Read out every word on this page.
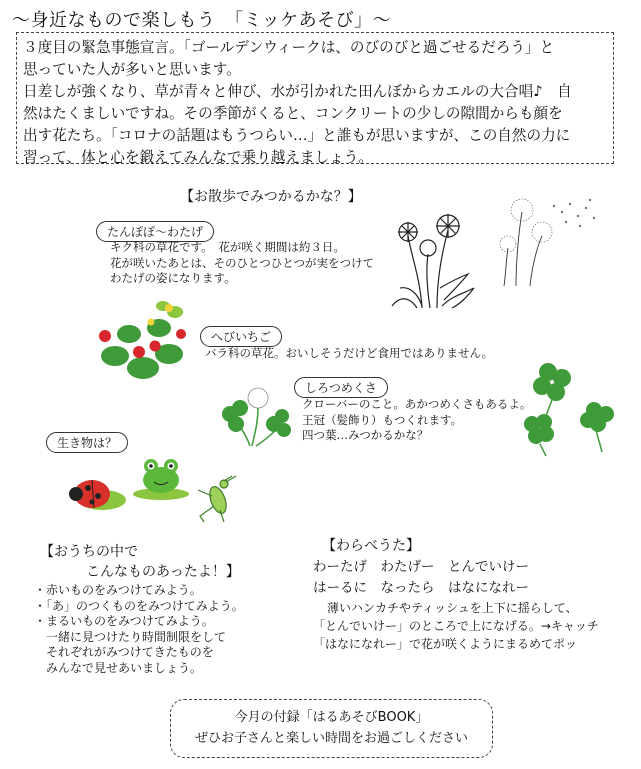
〜身近なもので楽しもう　「ミッケあそび」〜

３度目の緊急事態宣言。「ゴールデンウィークは、のびのびと過ごせるだろう」と

思っていた人が多いと思います。

日差しが強くなり、草が青々と伸び、水が引かれた田んぼからカエルの大合唱♪　自

然はたくましいですね。その季節がくると、コンクリートの少しの隙間からも顔を

出す花たち。「コロナの話題はもうつらい…」と誰もが思いますが、この自然の力に

習って、体と心を鍛えてみんなで乗り越えましょう。

【お散歩でみつかるかな？】
たんぽぽ〜わたげ
キク科の草花です。　花が咲く期間は約３日。
花が咲いたあとは、そのひとつひとつが実をつけて
わたげの姿になります。
へびいちご
バラ科の草花。おいしそうだけど食用ではありません。
しろつめくさ
クローバーのこと。あかつめくさもあるよ。
王冠（髪飾り）もつくれます。
四つ葉…みつかるかな？
生き物は？
【おうちの中で
こんなものあったよ！】
・赤いものをみつけてみよう。
・「あ」のつくものをみつけてみよう。
・まるいものをみつけてみよう。
　一緒に見つけたり時間制限をして
　それぞれがみつけてきたものを
　みんなで見せあいましょう。
【わらべうた】
わーたげ　わたげー　とんでいけー
はーるに　なったら　はなになれー
薄いハンカチやティッシュを上下に揺らして、
「とんでいけー」のところで上になげる。→キャッチ
「はなになれー」で花が咲くようにまるめてポッ
今月の付録「はるあそびBOOK」
ぜひお子さんと楽しい時間をお過ごしください
